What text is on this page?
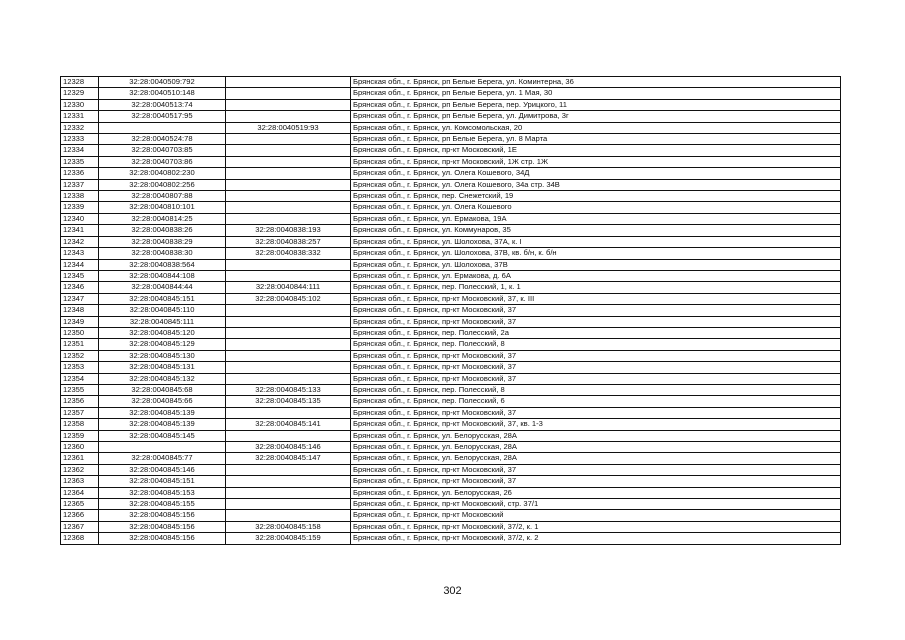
12328	32:28:0040509:792		Брянская обл., г. Брянск, рп Белые Берега, ул. Коминтерна, 36
12329	32:28:0040510:148		Брянская обл., г. Брянск, рп Белые Берега, ул. 1 Мая, 30
12330	32:28:0040513:74		Брянская обл., г. Брянск, рп Белые Берега, пер. Урицкого, 11
12331	32:28:0040517:95		Брянская обл., г. Брянск, рп Белые Берега, ул. Димитрова, 3г
12332		32:28:0040519:93	Брянская обл., г. Брянск, ул. Комсомольская, 20
12333	32:28:0040524:78		Брянская обл., г. Брянск, рп Белые Берега, ул. 8 Марта
12334	32:28:0040703:85		Брянская обл., г. Брянск, пр-кт Московский, 1Е
12335	32:28:0040703:86		Брянская обл., г. Брянск, пр-кт Московский, 1Ж стр. 1Ж
12336	32:28:0040802:230		Брянская обл., г. Брянск, ул. Олега Кошевого, 34Д
12337	32:28:0040802:256		Брянская обл., г. Брянск, ул. Олега Кошевого, 34а стр. 34В
12338	32:28:0040807:88		Брянская обл., г. Брянск, пер. Снежетский, 19
12339	32:28:0040810:101		Брянская обл., г. Брянск, ул. Олега Кошевого
12340	32:28:0040814:25		Брянская обл., г. Брянск, ул. Ермакова, 19А
12341	32:28:0040838:26	32:28:0040838:193	Брянская обл., г. Брянск, ул. Коммунаров, 35
12342	32:28:0040838:29	32:28:0040838:257	Брянская обл., г. Брянск, ул. Шолохова, 37А, к. I
12343	32:28:0040838:30	32:28:0040838:332	Брянская обл., г. Брянск, ул. Шолохова, 37В, кв. б/н, к. б/н
12344	32:28:0040838:564		Брянская обл., г. Брянск, ул. Шолохова, 37В
12345	32:28:0040844:108		Брянская обл., г. Брянск, ул. Ермакова, д. 6А
12346	32:28:0040844:44	32:28:0040844:111	Брянская обл., г. Брянск, пер. Полесский, 1, к. 1
12347	32:28:0040845:151	32:28:0040845:102	Брянская обл., г. Брянск, пр-кт Московский, 37, к. III
12348	32:28:0040845:110		Брянская обл., г. Брянск, пр-кт Московский, 37
12349	32:28:0040845:111		Брянская обл., г. Брянск, пр-кт Московский, 37
12350	32:28:0040845:120		Брянская обл., г. Брянск, пер. Полесский, 2а
12351	32:28:0040845:129		Брянская обл., г. Брянск, пер. Полесский, 8
12352	32:28:0040845:130		Брянская обл., г. Брянск, пр-кт Московский, 37
12353	32:28:0040845:131		Брянская обл., г. Брянск, пр-кт Московский, 37
12354	32:28:0040845:132		Брянская обл., г. Брянск, пр-кт Московский, 37
12355	32:28:0040845:68	32:28:0040845:133	Брянская обл., г. Брянск, пер. Полесский, 8
12356	32:28:0040845:66	32:28:0040845:135	Брянская обл., г. Брянск, пер. Полесский, 6
12357	32:28:0040845:139		Брянская обл., г. Брянск, пр-кт Московский, 37
12358	32:28:0040845:139	32:28:0040845:141	Брянская обл., г. Брянск, пр-кт Московский, 37, кв. 1-3
12359	32:28:0040845:145		Брянская обл., г. Брянск, ул. Белорусская, 28А
12360		32:28:0040845:146	Брянская обл., г. Брянск, ул. Белорусская, 28А
12361	32:28:0040845:77	32:28:0040845:147	Брянская обл., г. Брянск, ул. Белорусская, 28А
12362	32:28:0040845:146		Брянская обл., г. Брянск, пр-кт Московский, 37
12363	32:28:0040845:151		Брянская обл., г. Брянск, пр-кт Московский, 37
12364	32:28:0040845:153		Брянская обл., г. Брянск, ул. Белорусская, 26
12365	32:28:0040845:155		Брянская обл., г. Брянск, пр-кт Московский, стр. 37/1
12366	32:28:0040845:156		Брянская обл., г. Брянск, пр-кт Московский
12367	32:28:0040845:156	32:28:0040845:158	Брянская обл., г. Брянск, пр-кт Московский, 37/2, к. 1
12368	32:28:0040845:156	32:28:0040845:159	Брянская обл., г. Брянск, пр-кт Московский, 37/2, к. 2
302
